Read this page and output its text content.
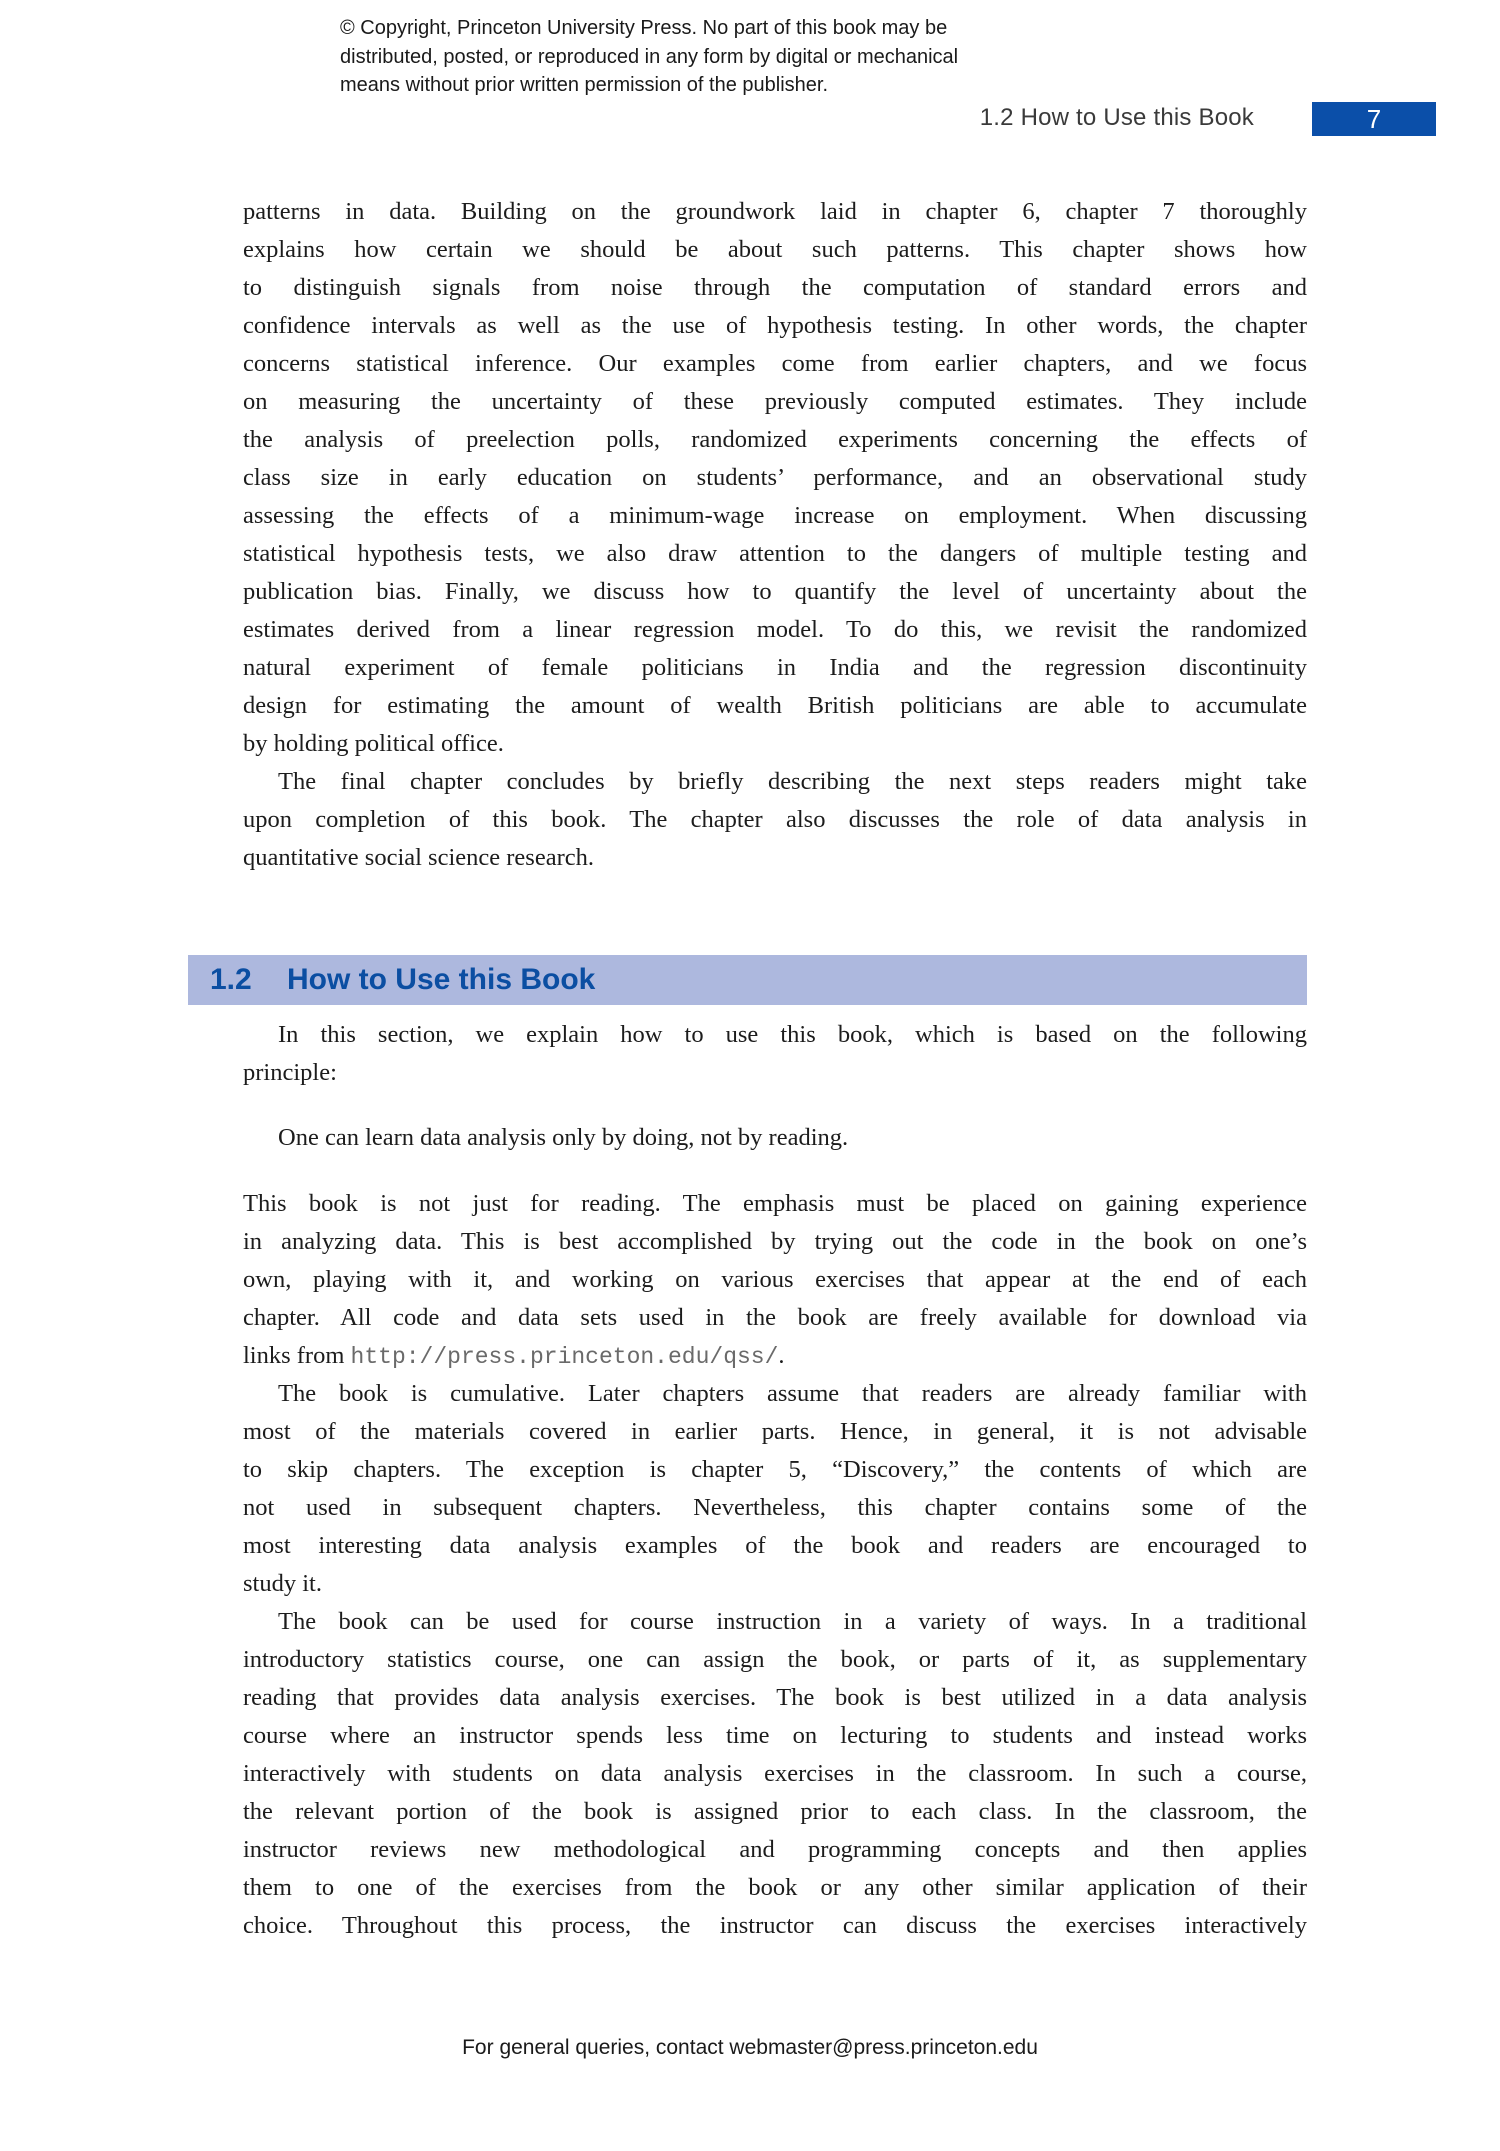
© Copyright, Princeton University Press. No part of this book may be
distributed, posted, or reproduced in any form by digital or mechanical
means without prior written permission of the publisher.
1.2 How to Use this Book	7
patterns in data. Building on the groundwork laid in chapter 6, chapter 7 thoroughly
explains how certain we should be about such patterns. This chapter shows how
to distinguish signals from noise through the computation of standard errors and
confidence intervals as well as the use of hypothesis testing. In other words, the chapter
concerns statistical inference. Our examples come from earlier chapters, and we focus
on measuring the uncertainty of these previously computed estimates. They include
the analysis of preelection polls, randomized experiments concerning the effects of
class size in early education on students’ performance, and an observational study
assessing the effects of a minimum-wage increase on employment. When discussing
statistical hypothesis tests, we also draw attention to the dangers of multiple testing and
publication bias. Finally, we discuss how to quantify the level of uncertainty about the
estimates derived from a linear regression model. To do this, we revisit the randomized
natural experiment of female politicians in India and the regression discontinuity
design for estimating the amount of wealth British politicians are able to accumulate
by holding political office.
The final chapter concludes by briefly describing the next steps readers might take
upon completion of this book. The chapter also discusses the role of data analysis in
quantitative social science research.
1.2 How to Use this Book
In this section, we explain how to use this book, which is based on the following
principle:
One can learn data analysis only by doing, not by reading.
This book is not just for reading. The emphasis must be placed on gaining experience
in analyzing data. This is best accomplished by trying out the code in the book on one’s
own, playing with it, and working on various exercises that appear at the end of each
chapter. All code and data sets used in the book are freely available for download via
links from http://press.princeton.edu/qss/.
The book is cumulative. Later chapters assume that readers are already familiar with
most of the materials covered in earlier parts. Hence, in general, it is not advisable
to skip chapters. The exception is chapter 5, “Discovery,” the contents of which are
not used in subsequent chapters. Nevertheless, this chapter contains some of the
most interesting data analysis examples of the book and readers are encouraged to
study it.
The book can be used for course instruction in a variety of ways. In a traditional
introductory statistics course, one can assign the book, or parts of it, as supplementary
reading that provides data analysis exercises. The book is best utilized in a data analysis
course where an instructor spends less time on lecturing to students and instead works
interactively with students on data analysis exercises in the classroom. In such a course,
the relevant portion of the book is assigned prior to each class. In the classroom, the
instructor reviews new methodological and programming concepts and then applies
them to one of the exercises from the book or any other similar application of their
choice. Throughout this process, the instructor can discuss the exercises interactively
For general queries, contact webmaster@press.princeton.edu
